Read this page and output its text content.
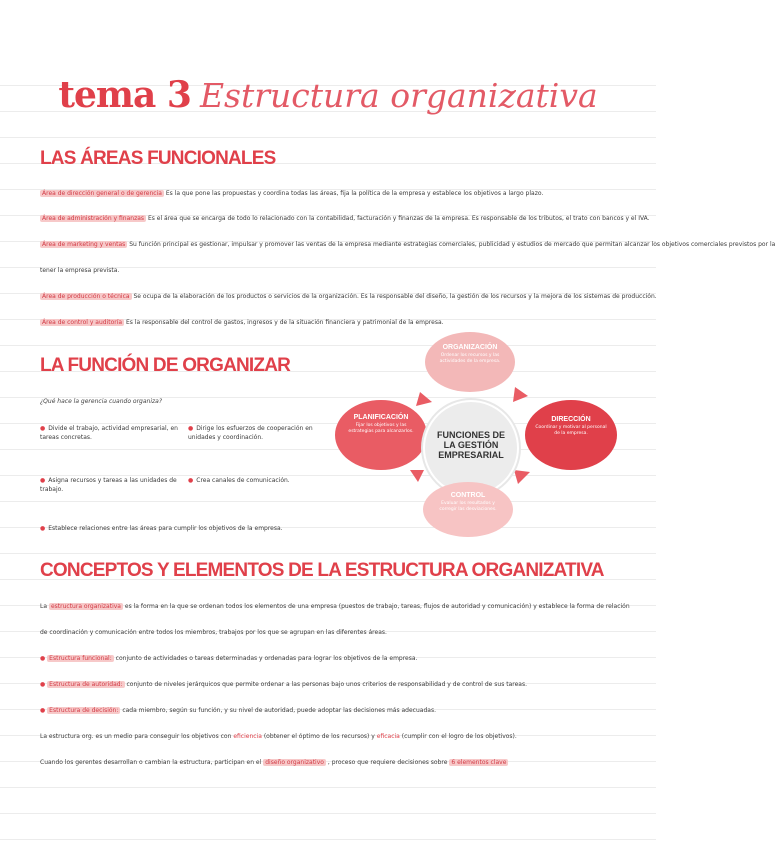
tema 3 Estructura organizativa
LAS ÁREAS FUNCIONALES
Área de dirección general o de gerencia Es la que pone las propuestas y coordina todas las áreas, fija la política de la empresa y establece los objetivos a largo plazo.
Área de administración y finanzas Es el área que se encarga de todo lo relacionado con la contabilidad, facturación y finanzas de la empresa. Es responsable de los tributos, el trato con bancos y el IVA.
Área de marketing y ventas Su función principal es gestionar, impulsar y promover las ventas de la empresa mediante estrategias comerciales, publicidad y estudios de mercado que permitan alcanzar los objetivos comerciales previstos por la
tener la empresa prevista.
Área de producción o técnica Se ocupa de la elaboración de los productos o servicios de la organización. Es la responsable del diseño, la gestión de los recursos y la mejora de los sistemas de producción.
Área de control y auditoría Es la responsable del control de gastos, ingresos y de la situación financiera y patrimonial de la empresa.
LA FUNCIÓN DE ORGANIZAR
¿Qué hace la gerencia cuando organiza?
● Divide el trabajo, actividad empresarial, en tareas concretas.
● Dirige los esfuerzos de cooperación en unidades y coordinación.
● Asigna recursos y tareas a las unidades de trabajo.
● Crea canales de comunicación.
● Establece relaciones entre las áreas para cumplir los objetivos de la empresa.
ORGANIZACIÓN
Ordenar los recursos y las actividades de la empresa.
PLANIFICACIÓN
Fijar los objetivos y las estrategias para alcanzarlos.	FUNCIONES DE LA GESTIÓN EMPRESARIAL
DIRECCIÓN
Coordinar y motivar al personal de la empresa.
CONTROL
Evaluar los resultados y corregir las desviaciones.
CONCEPTOS Y ELEMENTOS DE LA ESTRUCTURA ORGANIZATIVA
La estructura organizativa es la forma en la que se ordenan todos los elementos de una empresa (puestos de trabajo, tareas, flujos de autoridad y comunicación) y establece la forma de relación
de coordinación y comunicación entre todos los miembros, trabajos por los que se agrupan en las diferentes áreas.
● Estructura funcional: conjunto de actividades o tareas determinadas y ordenadas para lograr los objetivos de la empresa.
● Estructura de autoridad: conjunto de niveles jerárquicos que permite ordenar a las personas bajo unos criterios de responsabilidad y de control de sus tareas.
● Estructura de decisión: cada miembro, según su función, y su nivel de autoridad, puede adoptar las decisiones más adecuadas.
La estructura org. es un medio para conseguir los objetivos con eficiencia (obtener el óptimo de los recursos) y eficacia (cumplir con el logro de los objetivos).
Cuando los gerentes desarrollan o cambian la estructura, participan en el diseño organizativo , proceso que requiere decisiones sobre 6 elementos clave
